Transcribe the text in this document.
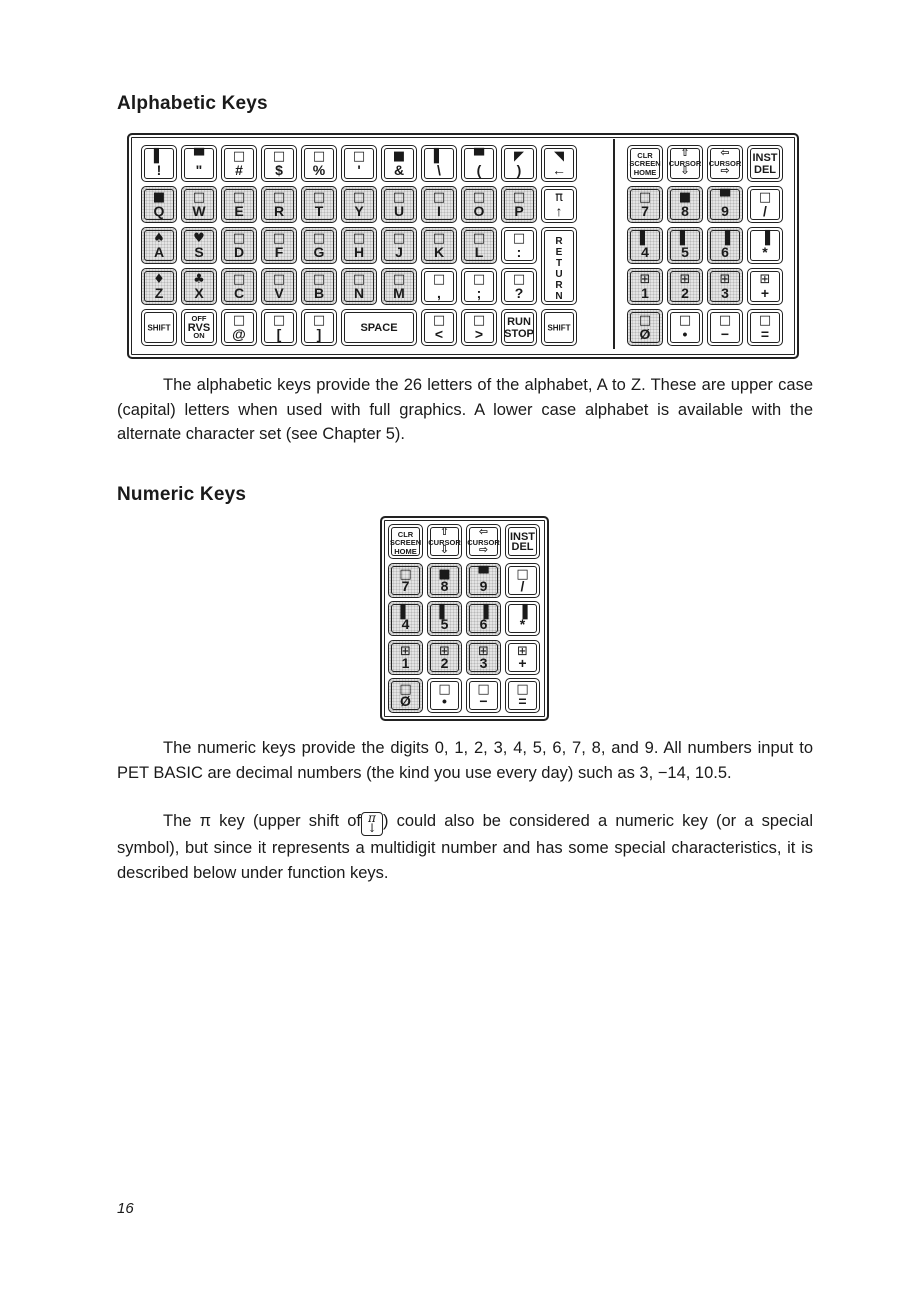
Alphabetic Keys
▌
!
▀
"
□
#
□
$
□
%
□
'
■
&
▌
\
▀
(
◤
)
◥
←
■
Q
□
W
□
E
□
R
□
T
□
Y
□
U
□
I
□
O
□
P
π
↑
♠
A
♥
S
□
D
□
F
□
G
□
H
□
J
□
K
□
L
□
:
♦
Z
♣
X
□
C
□
V
□
B
□
N
□
M
□
,
□
;
□
?
SHIFT
OFF
RVS
ON
□
@
□
[
□
]	SPACE	□
<
□
>
RUN
STOP
SHIFT
R
E
T
U
R
N
CLR
SCREEN
HOME
⇧
CURSOR
⇩
⇦
CURSOR
⇨
INST
DEL
□
7
■
8
▀
9
□
/
▌
4
▌
5
▐
6
▐
*
⊞
1
⊞
2
⊞
3
⊞
+
□
Ø
□
•
□
−
□
=
The alphabetic keys provide the 26 letters of the alphabet, A to Z. These are upper case (capital) letters when used with full graphics. A lower case alphabet is available with the alternate character set (see Chapter 5).
Numeric Keys
CLR
SCREEN
HOME
⇧
CURSOR
⇩
⇦
CURSOR
⇨
INST
DEL
□
7
■
8
▀
9
□
/
▌
4
▌
5
▐
6
▐
*
⊞
1
⊞
2
⊞
3
⊞
+
□
Ø
□
•
□
−
□
=
The numeric keys provide the digits 0, 1, 2, 3, 4, 5, 6, 7, 8, and 9. All numbers input to PET BASIC are decimal numbers (the kind you use every day) such as 3, −14, 10.5.
The π key (upper shift of π
↓ ) could also be considered a numeric key (or a special symbol), but since it represents a multidigit number and has some special characteristics, it is described below under function keys.
16
